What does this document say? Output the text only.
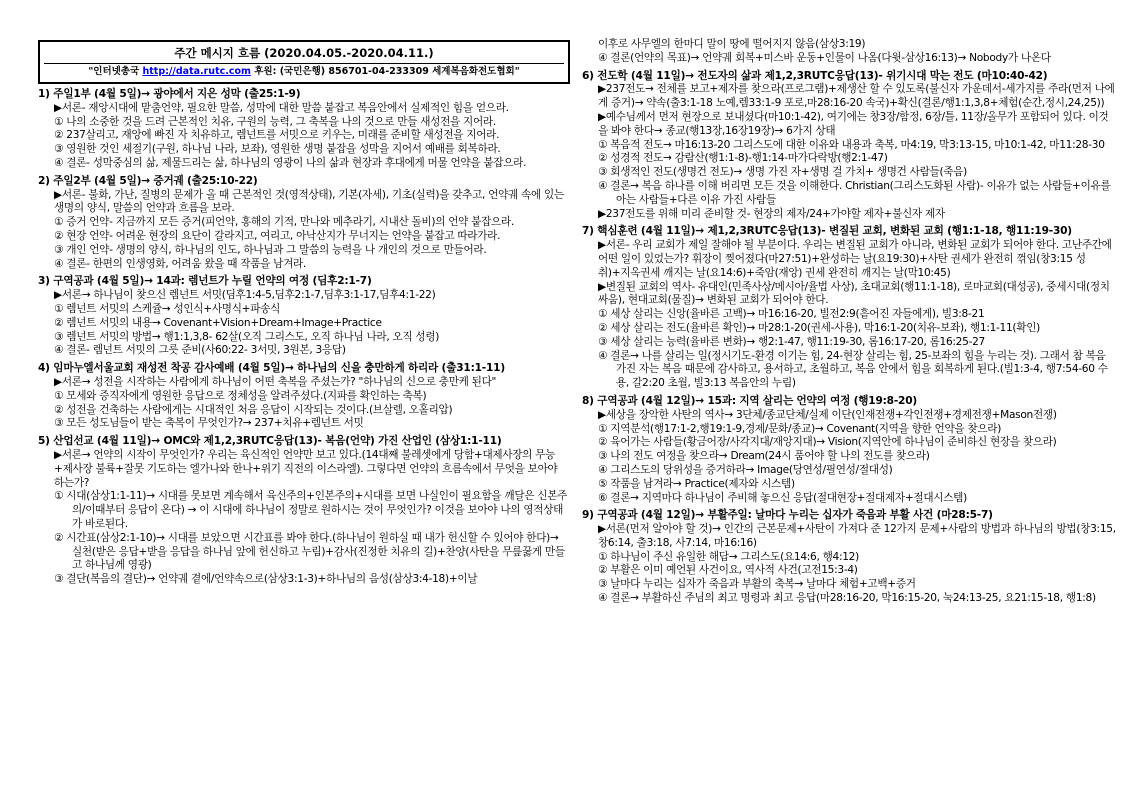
주간 메시지 흐름 (2020.04.05.-2020.04.11.)
"인터넷총국 http://data.rutc.com 후원: (국민은행) 856701-04-233309 세계복음화전도협회"
1) 주일1부 (4월 5일)→ 광야에서 지은 성막 (출25:1-9)
▶서론- 재앙시대에 맡춤언약, 필요한 말씀, 성막에 대한 말씀 붙잡고 복음안에서 실제적인 힘을 얻으라.
① 나의 소중한 것을 드려 근본적인 치유, 구원의 능력, 그 축복을 나의 것으로 만들 새성전을 지어라.
② 237살리고, 재앙에 빠진 자 치유하고, 렘넌트를 서밋으로 키우는, 미래를 준비할 새성전을 지어라.
③ 영원한 것인 세절기(구원, 하나님 나라, 보좌), 영원한 생명 붙잡을 성막을 지어서 예배를 회복하라.
④ 결론- 성막중심의 삶, 제물드리는 삶, 하나님의 영광이 나의 삶과 현장과 후대에게 머물 언약을 붙잡으라.
2) 주일2부 (4월 5일)→ 증거궤 (출25:10-22)
▶서론- 불화, 가난, 질병의 문제가 올 때 근본적인 것(영적상태), 기본(자세), 기초(실력)을 갖추고, 언약궤 속에 있는 생명의 양식, 말씀의 언약과 흐름을 보라.
① 증거 언약- 지금까지 모든 증거(피언약, 홍해의 기적, 만나와 메추라기, 시내산 돌비)의 언약 붙잡으라.
② 현장 언약- 어려운 현장의 요단이 갈라지고, 여리고, 아낙산지가 무너지는 언약을 붙잡고 따라가라.
③ 개인 언약- 생명의 양식, 하나님의 인도, 하나님과 그 말씀의 능력을 나 개인의 것으로 만들어라.
④ 결론- 한편의 인생영화, 어려움 왔을 때 작품을 남겨라.
3) 구역공과 (4월 5일)→ 14과: 렘넌트가 누릴 언약의 여정 (딤후2:1-7)
▶서론→ 하나님이 찾으신 렘넌트 서밋(딤후1:4-5,딤후2:1-7,딤후3:1-17,딤후4:1-22)
① 렘넌트 서밋의 스케쥴→ 성인식+사명식+파송식
② 렘넌트 서밋의 내용→ Covenant+Vision+Dream+Image+Practice
③ 렘넌트 서밋의 방법→ 행1:1,3,8- 62살(오직 그리스도, 오직 하나님 나라, 오직 성령)
④ 결론- 렘넌트 서밋의 그릇 준비(사60:22- 3서밋, 3원본, 3응답)
4) 임마누엘서울교회 재성전 착공 감사예배 (4월 5일)→ 하나님의 신을 충만하게 하리라 (출31:1-11)
▶서론→ 성전을 시작하는 사람에게 하나님이 어떤 축복을 주셨는가? "하나님의 신으로 충만케 된다"
① 모세와 증직자에게 영원한 응답으로 정체성을 알려주셨다.(지파를 확인하는 축복)
② 성전을 건축하는 사람에게는 시대적인 처음 응답이 시작되는 것이다.(브살렐, 오홀리압)
③ 모든 성도님들이 받는 축복이 무엇인가?→ 237+치유+렘넌트 서밋
5) 산업선교 (4월 11일)→ OMC와 제1,2,3RUTC응답(13)- 복음(언약) 가진 산업인 (삼상1:1-11)
▶서론→ 언약의 시작이 무엇인가? 우리는 육신적인 언약만 보고 있다.(14대째 불레셋에게 당함+대제사장의 무능+제사장 불륙+잘못 기도하는 엘가나와 한나+위기 직전의 이스라엘). 그렇다면 언약의 흐름속에서 무엇을 보아야 하는가?
① 시대(삼상1:1-11)→ 시대를 못보면 계속해서 육신주의+인본주의+시대를 보면 나실인이 필요함을 깨달은 신본주의/이때부터 응답이 온다) → 이 시대에 하나님이 정말로 원하시는 것이 무엇인가? 이것을 보아야 나의 영적상태가 바로된다.
② 시간표(삼상2:1-10)→ 시대를 보았으면 시간표를 봐야 한다.(하나님이 원하실 때 내가 헌신할 수 있어야 한다)→ 실천(받은 응답+받을 응답을 하나님 앞에 헌신하고 누림)+감사(진정한 치유의 길)+찬양(사탄을 무릎꿇게 만들고 하나님께 영광)
③ 결단(복음의 결단)→ 언약궤 곁에/언약속으로(삼상3:1-3)+하나님의 음성(삼상3:4-18)+이날
이후로 사무엘의 한마디 말이 땅에 떨어지지 않음(삼상3:19)
④ 결론(언약의 목표)→ 언약궤 회복+미스바 운동+인물이 나옴(다윗-삼상16:13)→ Nobody가 나온다
6) 전도학 (4월 11일)→ 전도자의 삶과 제1,2,3RUTC응답(13)- 위기시대 막는 전도 (마10:40-42)
▶237전도→ 전체를 보고+제자를 찾으라(프로그램)+제생산 할 수 있도록(불신자 가운데서-세가지를 주라(먼저 나에게 증거)→ 약속(출3:1-18 노예,렘33:1-9 포로,마28:16-20 속국)+확신(결론/행1:1,3,8+체험(순간,정시,24,25))
▶예수님께서 먼저 현장으로 보내셨다(마10:1-42), 여기에는 창3장/함정, 6장/틀, 11장/올무가 포함되어 있다. 이것을 봐야 한다→ 종교(행13장,16장19장)→ 6가지 상태
① 복음적 전도→ 마16:13-20 그리스도에 대한 이유와 내용과 축복, 마4:19, 막3:13-15, 마10:1-42, 마11:28-30
② 성경적 전도→ 감람산(행1:1-8)-행1:14-마가다락방(행2:1-47)
③ 회생적인 전도(생명건 전도)→ 생명 가진 자+생명 걸 가치+ 생명건 사람들(죽음)
④ 결론→ 복음 하나를 이해 버리면 모든 것을 이해한다. Christian(그리스도화된 사람)- 이유가 없는 사람들+이유를 아는 사람들+다른 이유 가진 사람들
▶237전도를 위해 미리 준비할 것- 현장의 제자/24+가야할 제자+불신자 제자
7) 핵심훈련 (4월 11일)→ 제1,2,3RUTC응답(13)- 변질된 교회, 변화된 교회 (행1:1-18, 행11:19-30)
▶서론- 우리 교회가 제일 잘해야 될 부분이다. 우리는 변질된 교회가 아니라, 변화된 교회가 되어야 한다. 고난주간에 어떤 일이 있었는가? 휘장이 찢어졌다(마27:51)+완성하는 날(요19:30)+사탄 권세가 완전히 꺾임(창3:15 성취)+지옥권세 깨지는 날(요14:6)+죽암(재앙) 권세 완전히 깨지는 날(막10:45)
▶변질된 교회의 역사- 유대인(민족사상/메시아/율법 사상), 초대교회(행11:1-18), 로마교회(대성공), 중세시대(정치싸움), 현대교회(물질)→ 변화된 교회가 되어야 한다.
① 세상 살리는 신앙(율바른 고백)→ 마16:16-20, 빌전2:9(흩어진 자들에게), 빌3:8-21
② 세상 살리는 전도(율바른 확인)→ 마28:1-20(권세-사용), 막16:1-20(치유-보좌), 행1:1-11(확인)
③ 세상 살리는 능력(율바른 변화)→ 행2:1-47, 행11:19-30, 롬16:17-20, 롬16:25-27
④ 결론→ 나를 살리는 일(정시기도-환경 이기는 힘, 24-현장 살리는 힘, 25-보좌의 힘을 누리는 것). 그래서 참 복음 가진 자는 복음 때문에 감사하고, 용서하고, 초월하고, 복음 안에서 힘을 회복하게 된다.(빌1:3-4, 행7:54-60 수용, 갈2:20 초월, 빌3:13 복음안의 누림)
8) 구역공과 (4월 12일)→ 15과: 지역 살리는 언약의 여정 (행19:8-20)
▶세상을 장악한 사탄의 역사→ 3단체/종교단체/실제 이단(인재전쟁+각인전쟁+경제전쟁+Mason전쟁)
① 지역분석(행17:1-2,행19:1-9,경제/문화/종교)→ Covenant(지역을 향한 언약을 찾으라)
② 육어가는 사람들(황금어장/사각지대/재앙지대)→ Vision(지역안에 하나님이 준비하신 현장을 찾으라)
③ 나의 전도 여정을 찾으라→ Dream(24시 품어야 할 나의 전도를 찾으라)
④ 그리스도의 당위성을 증거하라→ Image(당연성/필연성/절대성)
⑤ 작품을 남겨라→ Practice(제자와 시스템)
⑥ 결론→ 지역마다 하나님이 주비해 놓으신 응답(절대현장+절대제자+절대시스템)
9) 구역공과 (4월 12일)→ 부활주일: 날마다 누리는 십자가 죽음과 부활 사건 (마28:5-7)
▶서론(먼저 알아야 할 것)→ 인간의 근본문제+사탄이 가져다 준 12가지 문제+사람의 방법과 하나님의 방법(창3:15, 창6:14, 출3:18, 사7:14, 마16:16)
① 하나님이 주신 유일한 해답→ 그리스도(요14:6, 행4:12)
② 부활은 이미 예언된 사건이요, 역사적 사건(고전15:3-4)
③ 날마다 누리는 십자가 죽음과 부활의 축복→ 날마다 체험+고백+증거
④ 결론→ 부활하신 주님의 최고 명령과 최고 응답(마28:16-20, 막16:15-20, 눅24:13-25, 요21:15-18, 행1:8)
